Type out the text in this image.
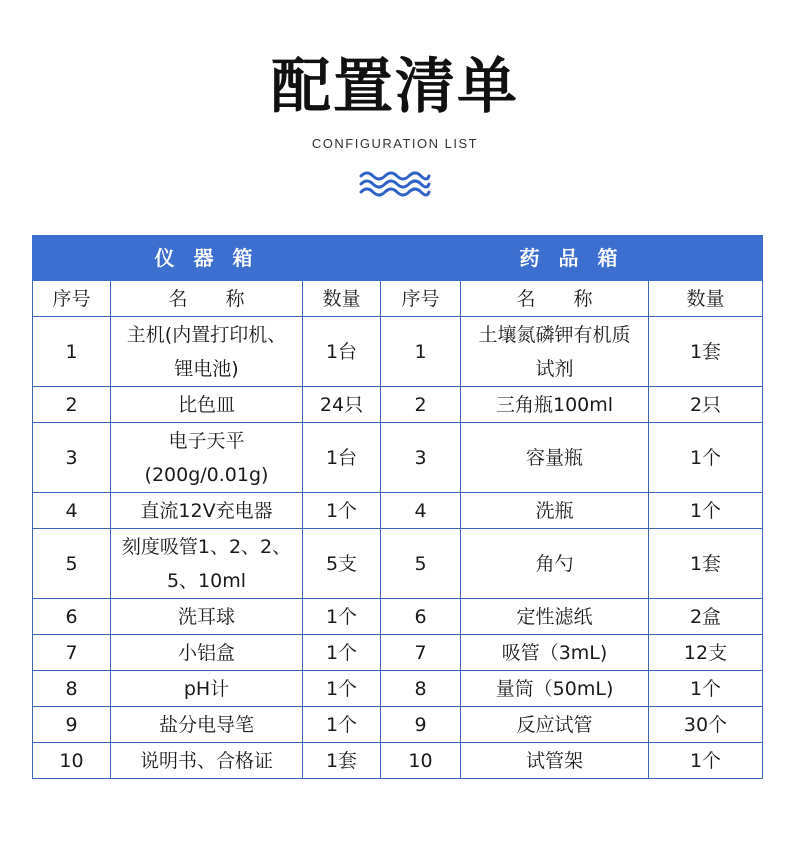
配置清单
CONFIGURATION LIST
仪 器 箱			药 品 箱		
序号	名　　称	数量	序号	名　　称	数量
1	主机(内置打印机、锂电池)	1台	1	土壤氮磷钾有机质试剂	1套
2	比色皿	24只	2	三角瓶100ml	2只
3	电子天平(200g/0.01g)	1台	3	容量瓶	1个
4	直流12V充电器	1个	4	洗瓶	1个
5	刻度吸管1、2、2、5、10ml	5支	5	角勺	1套
6	洗耳球	1个	6	定性滤纸	2盒
7	小铝盒	1个	7	吸管（3mL)	12支
8	pH计	1个	8	量筒（50mL)	1个
9	盐分电导笔	1个	9	反应试管	30个
10	说明书、合格证	1套	10	试管架	1个
